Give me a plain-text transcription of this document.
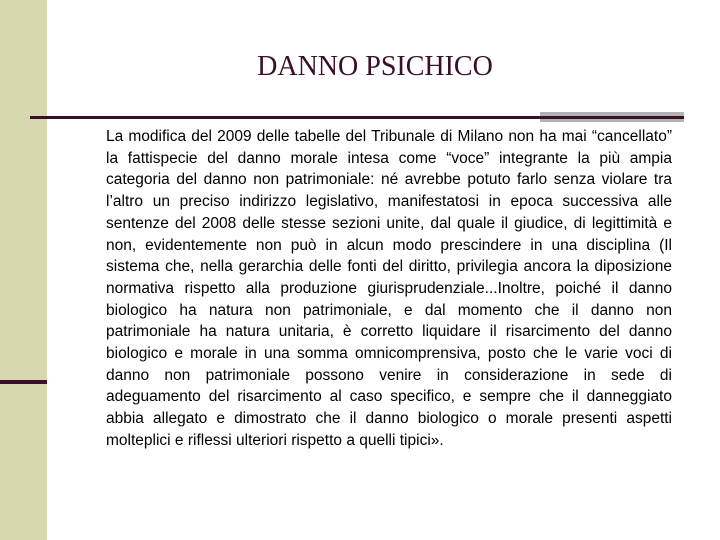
DANNO PSICHICO

La modifica del 2009 delle tabelle del Tribunale di Milano non ha mai “cancellato” la fattispecie del danno morale intesa come “voce” integrante la più ampia categoria del danno non patrimoniale: né avrebbe potuto farlo senza violare tra l’altro un preciso indirizzo legislativo, manifestatosi in epoca successiva alle sentenze del 2008 delle stesse sezioni unite, dal quale il giudice, di legittimità e non, evidentemente non può in alcun modo prescindere in una disciplina (Il sistema che, nella gerarchia delle fonti del diritto, privilegia ancora la diposizione normativa rispetto alla produzione giurisprudenziale...Inoltre, poiché il danno biologico ha natura non patrimoniale, e dal momento che il danno non patrimoniale ha natura unitaria, è corretto liquidare il risarcimento del danno biologico e morale in una somma omnicomprensiva, posto che le varie voci di danno non patrimoniale possono venire in considerazione in sede di adeguamento del risarcimento al caso specifico, e sempre che il danneggiato abbia allegato e dimostrato che il danno biologico o morale presenti aspetti molteplici e riflessi ulteriori rispetto a quelli tipici».
